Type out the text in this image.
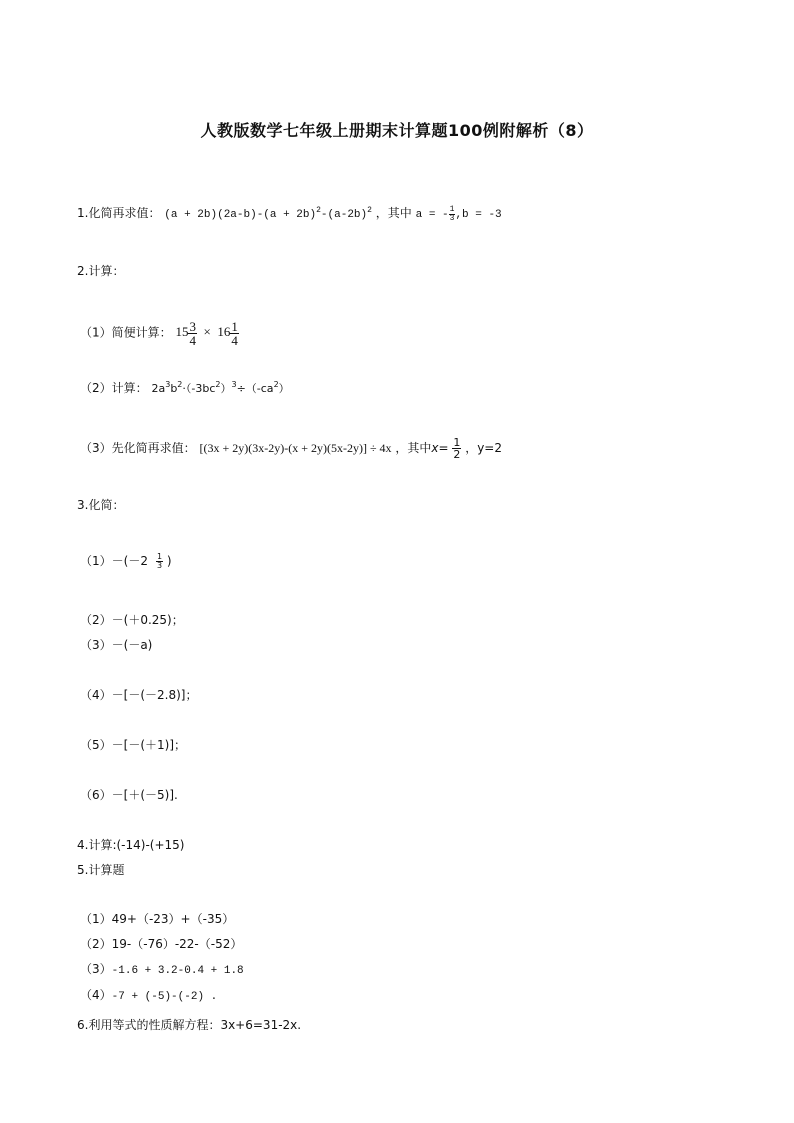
人教版数学七年级上册期末计算题100例附解析（8）
1.化简再求值： $(a + 2b)(2a-b)-(a + 2b)^2-(a-2b)^2$ ，其中 a = - $\frac{1}{3} ,b = -3$
2.计算：
（1）简便计算： $15 \frac{3}{4} \times 16 \frac{1}{4}$
（2）计算： $2a^3b^2\cdot(-3bc^2)^3\div(-ca^2)$
（3）先化简再求值： [(3x + 2y)(3x-2y)-(x + 2y)(5x-2y)] ÷ 4x ，其中$x= \frac{1}{2}$ ，y=2
3.化简：
$(1)-(-2 \frac{1}{3}$ )
（2）－(＋0.25)；
（3）－(－a)
（4）－[－(－2.8)]；
（5）－[－(＋1)]；
（6）－[＋(－5)].
4.计算:(-14)-(+15)
5.计算题
（1）49+（-23）+（-35）
（2）19-（-76）-22-（-52）
（3）-1.6 + 3.2-0.4 + 1.8
（4）-7 + (-5)-(-2) .
6.利用等式的性质解方程：3x+6=31-2x.
